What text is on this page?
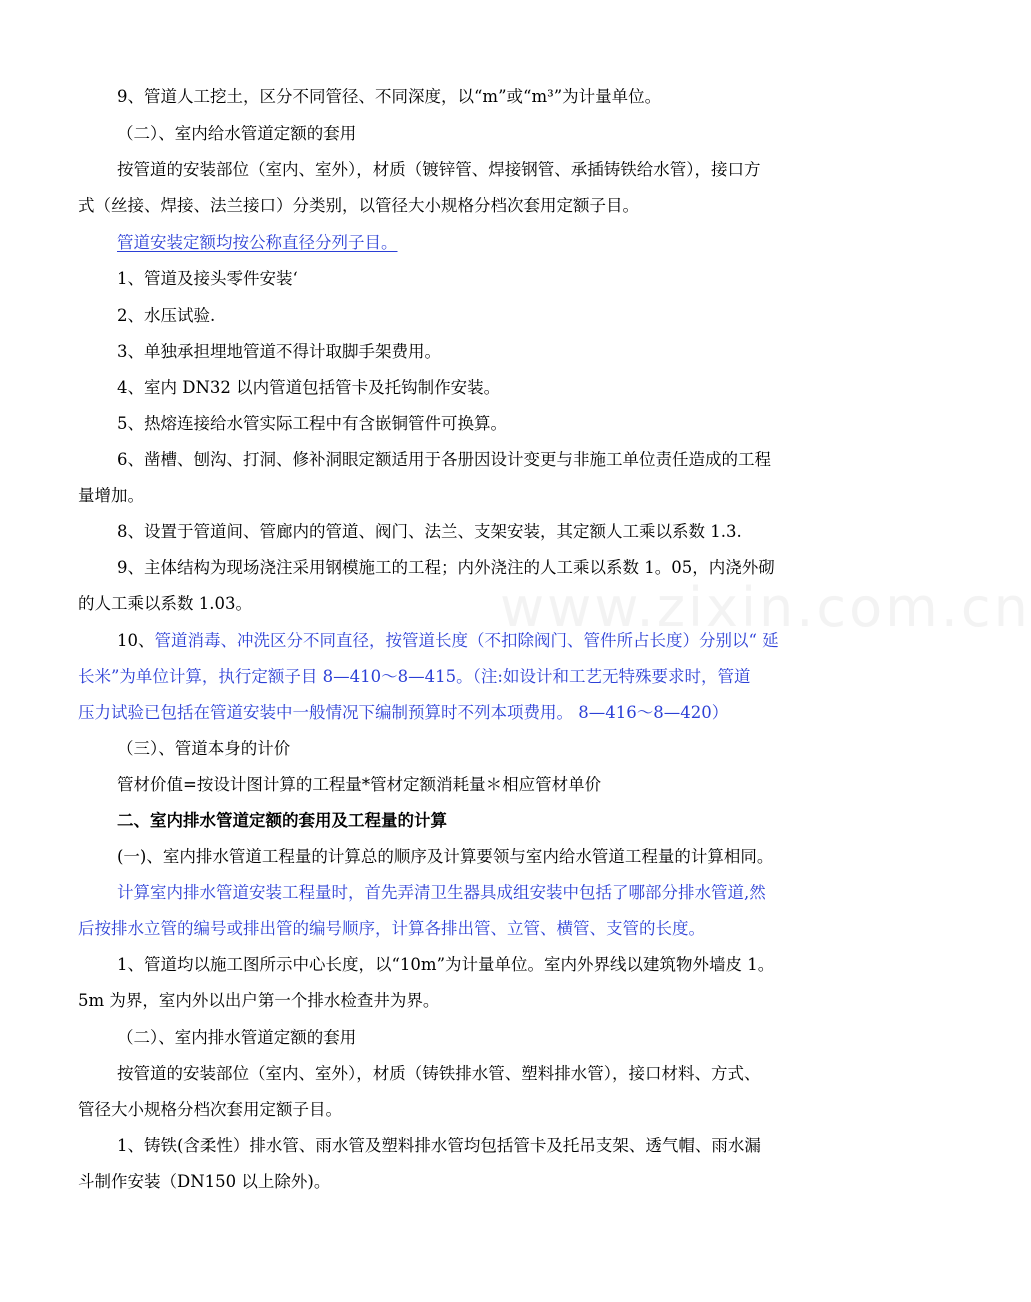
www.zixin.com.cn
9、管道人工挖土，区分不同管径、不同深度，以“m”或“m³”为计量单位。
（二）、室内给水管道定额的套用
按管道的安装部位（室内、室外），材质（镀锌管、焊接钢管、承插铸铁给水管），接口方
式（丝接、焊接、法兰接口）分类别，以管径大小规格分档次套用定额子目。
管道安装定额均按公称直径分列子目。
1、管道及接头零件安装‘
2、水压试验.
3、单独承担埋地管道不得计取脚手架费用。
4、室内 DN32 以内管道包括管卡及托钩制作安装。
5、热熔连接给水管实际工程中有含嵌铜管件可换算。
6、凿槽、刨沟、打洞、修补洞眼定额适用于各册因设计变更与非施工单位责任造成的工程
量增加。
8、设置于管道间、管廊内的管道、阀门、法兰、支架安装，其定额人工乘以系数 1.3.
9、主体结构为现场浇注采用钢模施工的工程；内外浇注的人工乘以系数 1。05，内浇外砌
的人工乘以系数 1.03。
10、管道消毒、冲洗区分不同直径，按管道长度（不扣除阀门、管件所占长度）分别以“ 延
长米”为单位计算，执行定额子目 8—410～8—415。（注:如设计和工艺无特殊要求时，管道
压力试验已包括在管道安装中一般情况下编制预算时不列本项费用。 8—416～8—420）
（三）、管道本身的计价
管材价值=按设计图计算的工程量*管材定额消耗量＊相应管材单价
二、室内排水管道定额的套用及工程量的计算
(一)、室内排水管道工程量的计算总的顺序及计算要领与室内给水管道工程量的计算相同。
计算室内排水管道安装工程量时，首先弄清卫生器具成组安装中包括了哪部分排水管道,然
后按排水立管的编号或排出管的编号顺序，计算各排出管、立管、横管、支管的长度。
1、管道均以施工图所示中心长度，以“10m”为计量单位。室内外界线以建筑物外墙皮 1。
5m 为界，室内外以出户第一个排水检查井为界。
（二）、室内排水管道定额的套用
按管道的安装部位（室内、室外），材质（铸铁排水管、塑料排水管），接口材料、方式、
管径大小规格分档次套用定额子目。
1、铸铁(含柔性）排水管、雨水管及塑料排水管均包括管卡及托吊支架、透气帽、雨水漏
斗制作安装（DN150 以上除外)。
